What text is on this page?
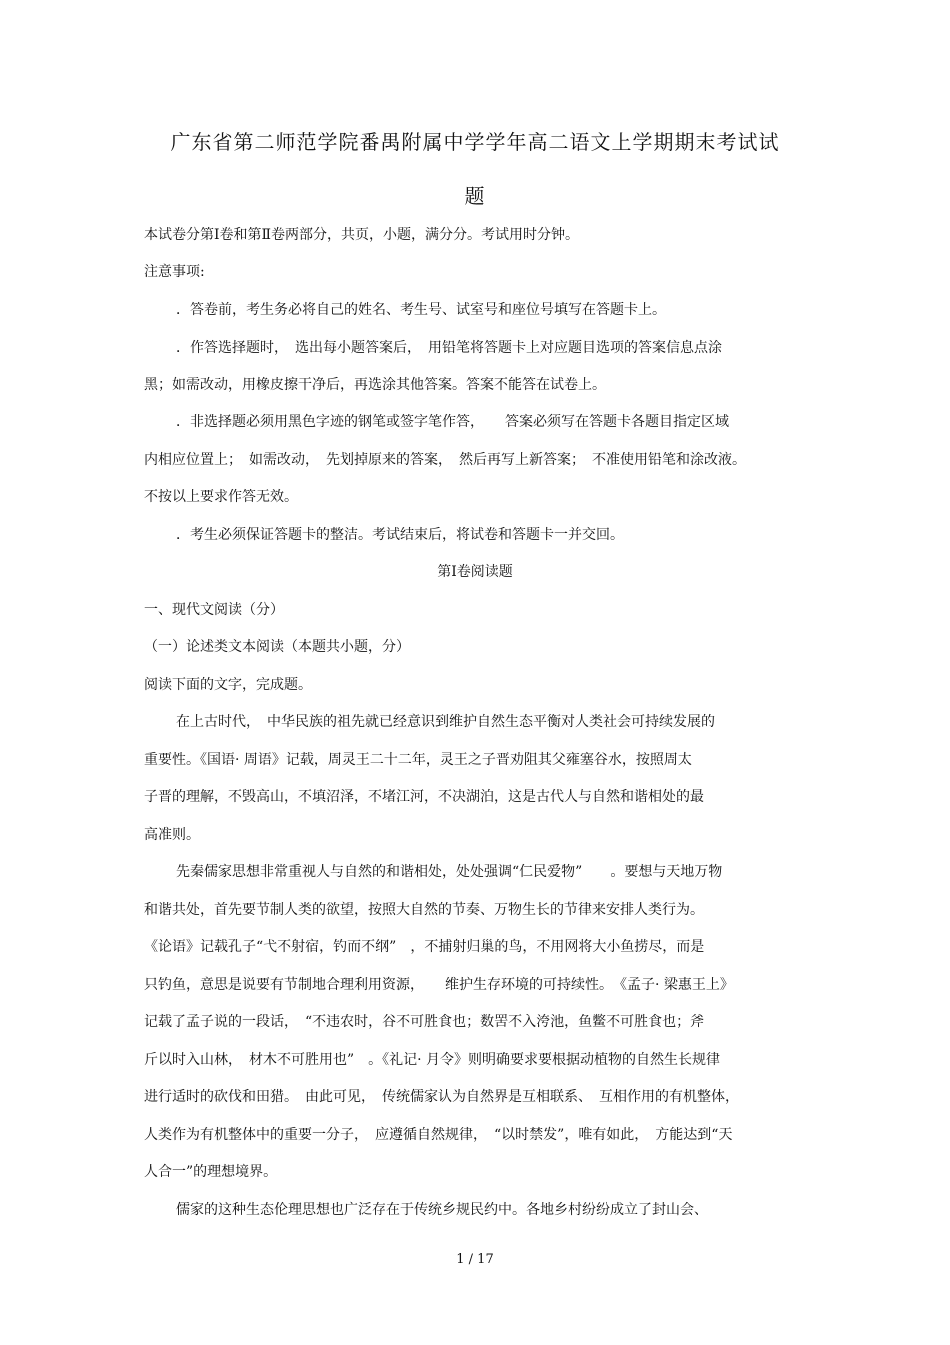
广东省第二师范学院番禺附属中学学年高二语文上学期期末考试试
题
本试卷分第Ⅰ卷和第Ⅱ卷两部分，共页，小题，满分分。考试用时分钟。
注意事项:
．答卷前，考生务必将自己的姓名、考生号、试室号和座位号填写在答题卡上。
．作答选择题时，　选出每小题答案后，　用铅笔将答题卡上对应题目选项的答案信息点涂
黑；如需改动，用橡皮擦干净后，再选涂其他答案。答案不能答在试卷上。
．非选择题必须用黑色字迹的钢笔或签字笔作答，　　答案必须写在答题卡各题目指定区域
内相应位置上；　如需改动，　先划掉原来的答案，　然后再写上新答案；　不准使用铅笔和涂改液。
不按以上要求作答无效。
．考生必须保证答题卡的整洁。考试结束后，将试卷和答题卡一并交回。
第Ⅰ卷阅读题
一、现代文阅读（分）
（一）论述类文本阅读（本题共小题，分）
阅读下面的文字，完成题。
在上古时代，　中华民族的祖先就已经意识到维护自然生态平衡对人类社会可持续发展的
重要性。《国语· 周语》记载，周灵王二十二年，灵王之子晋劝阻其父雍塞谷水，按照周太
子晋的理解，不毁高山，不填沼泽，不堵江河，不决湖泊，这是古代人与自然和谐相处的最
高准则。
先秦儒家思想非常重视人与自然的和谐相处，处处强调“仁民爱物”　　。要想与天地万物
和谐共处，首先要节制人类的欲望，按照大自然的节奏、万物生长的节律来安排人类行为。
《论语》记载孔子“弋不射宿，钓而不纲”　，不捕射归巢的鸟，不用网将大小鱼捞尽，而是
只钓鱼，意思是说要有节制地合理利用资源，　　维护生存环境的可持续性。　《孟子· 梁惠王上》
记载了孟子说的一段话，　“不违农时，谷不可胜食也；数罟不入洿池，鱼鳖不可胜食也；斧
斤以时入山林，　材木不可胜用也”　。《礼记· 月令》则明确要求要根据动植物的自然生长规律
进行适时的砍伐和田猎。　由此可见，　传统儒家认为自然界是互相联系、　互相作用的有机整体，
人类作为有机整体中的重要一分子，　应遵循自然规律，　“以时禁发”，唯有如此，　方能达到“天
人合一”的理想境界。
儒家的这种生态伦理思想也广泛存在于传统乡规民约中。各地乡村纷纷成立了封山会、
1 / 17
